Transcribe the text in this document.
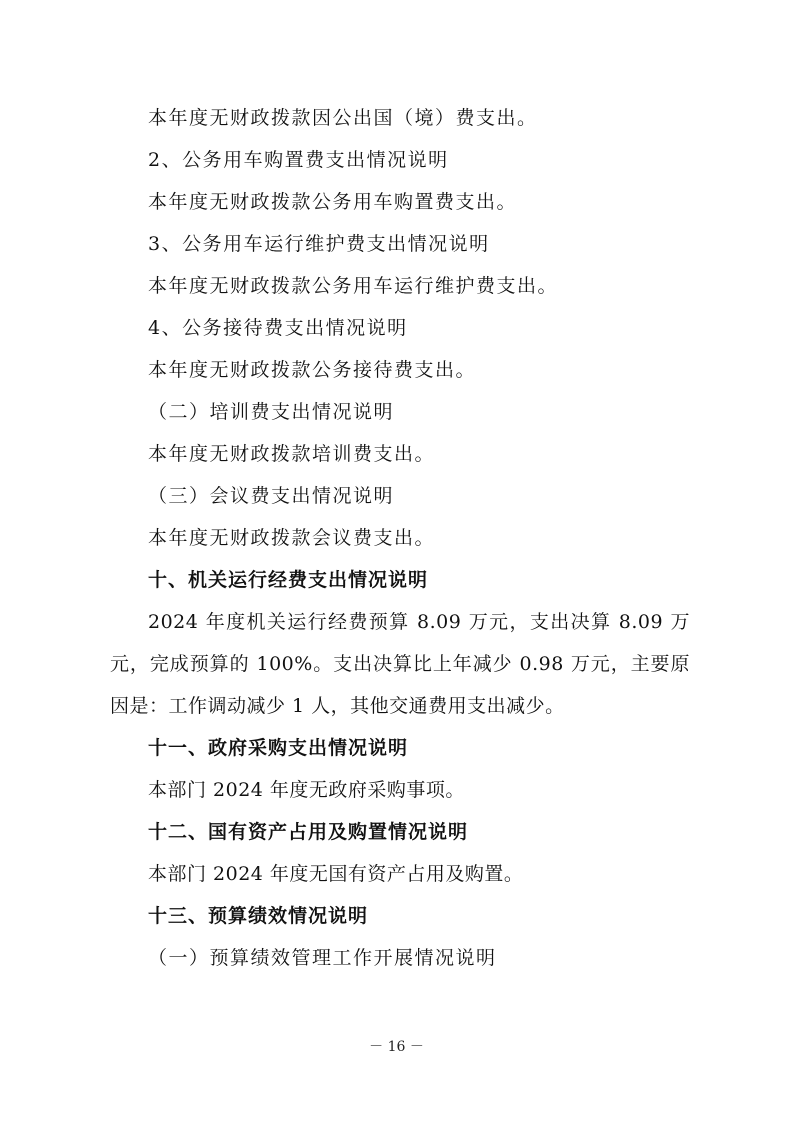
本年度无财政拨款因公出国（境）费支出。
2、公务用车购置费支出情况说明
本年度无财政拨款公务用车购置费支出。
3、公务用车运行维护费支出情况说明
本年度无财政拨款公务用车运行维护费支出。
4、公务接待费支出情况说明
本年度无财政拨款公务接待费支出。
（二）培训费支出情况说明
本年度无财政拨款培训费支出。
（三）会议费支出情况说明
本年度无财政拨款会议费支出。
十、机关运行经费支出情况说明
2024 年度机关运行经费预算 8.09 万元，支出决算 8.09 万
元，完成预算的 100%。支出决算比上年减少 0.98 万元，主要原
因是：工作调动减少 1 人，其他交通费用支出减少。
十一、政府采购支出情况说明
本部门 2024 年度无政府采购事项。
十二、国有资产占用及购置情况说明
本部门 2024 年度无国有资产占用及购置。
十三、预算绩效情况说明
（一）预算绩效管理工作开展情况说明
－ 16 －
